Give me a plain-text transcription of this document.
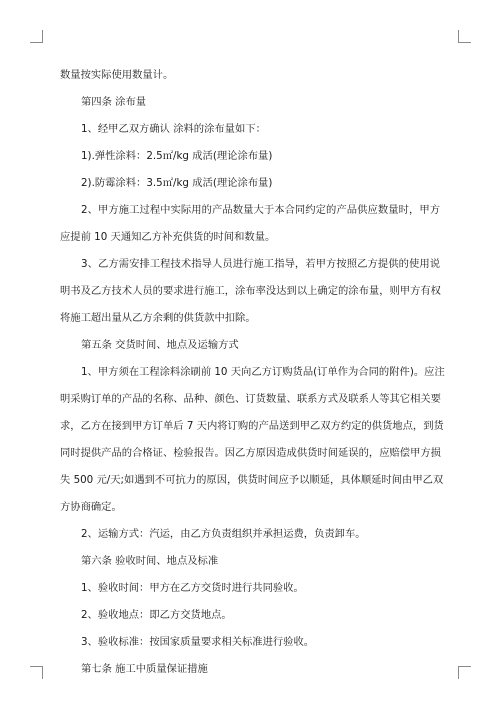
数量按实际使用数量计。
第四条 涂布量
1、经甲乙双方确认 涂料的涂布量如下：
1).弹性涂料：2.5㎡/kg 成活(理论涂布量)
2).防霉涂料：3.5㎡/kg 成活(理论涂布量)
2、甲方施工过程中实际用的产品数量大于本合同约定的产品供应数量时，甲方
应提前 10 天通知乙方补充供货的时间和数量。
3、乙方需安排工程技术指导人员进行施工指导，若甲方按照乙方提供的使用说
明书及乙方技术人员的要求进行施工，涂布率没达到以上确定的涂布量，则甲方有权
将施工超出量从乙方余剩的供货款中扣除。
第五条 交货时间、地点及运输方式
1、甲方须在工程涂料涂刷前 10 天向乙方订购货品(订单作为合同的附件)。应注
明采购订单的产品的名称、品种、颜色、订货数量、联系方式及联系人等其它相关要
求，乙方在接到甲方订单后 7 天内将订购的产品送到甲乙双方约定的供货地点，到货
同时提供产品的合格证、检验报告。因乙方原因造成供货时间延误的，应赔偿甲方损
失 500 元/天;如遇到不可抗力的原因，供货时间应予以顺延，具体顺延时间由甲乙双
方协商确定。
2、运输方式：汽运，由乙方负责组织并承担运费，负责卸车。
第六条 验收时间、地点及标准
1、验收时间：甲方在乙方交货时进行共同验收。
2、验收地点：即乙方交货地点。
3、验收标准：按国家质量要求相关标准进行验收。
第七条 施工中质量保证措施
